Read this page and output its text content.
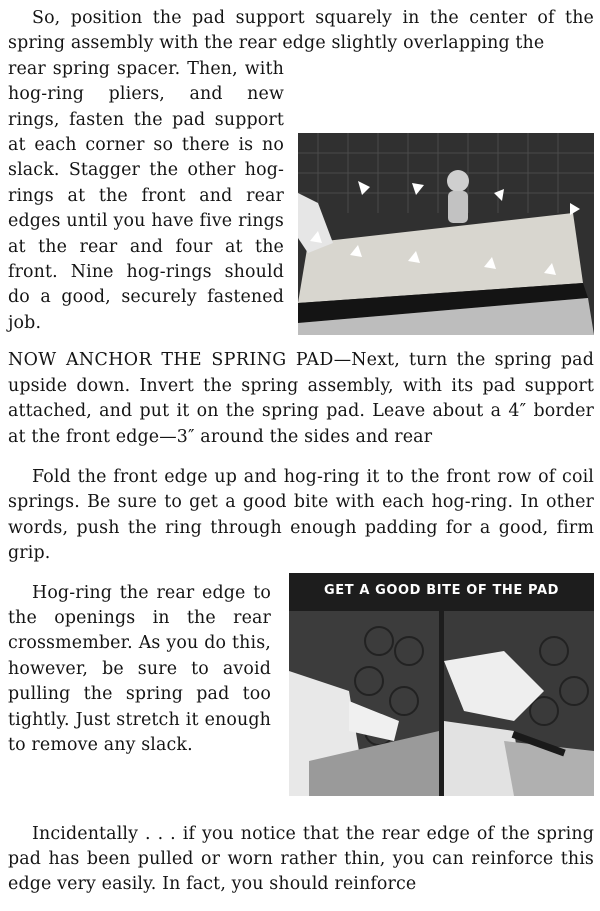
So, position the pad support squarely in the center of the spring assembly with the rear edge slightly overlapping the

rear spring spacer. Then, with hog-ring pliers, and new rings, fasten the pad support at each corner so there is no slack. Stagger the other hog-rings at the front and rear edges until you have five rings at the rear and four at the front. Nine hog-rings should do a good, securely fastened job.

NOW ANCHOR THE SPRING PAD—Next, turn the spring pad upside down. Invert the spring assembly, with its pad support attached, and put it on the spring pad. Leave about a 4″ border at the front edge—3″ around the sides and rear

Fold the front edge up and hog-ring it to the front row of coil springs. Be sure to get a good bite with each hog-ring. In other words, push the ring through enough padding for a good, firm grip.

GET A GOOD BITE OF THE PAD

Hog-ring the rear edge to the openings in the rear crossmember. As you do this, however, be sure to avoid pulling the spring pad too tightly. Just stretch it enough to remove any slack.

Incidentally . . . if you notice that the rear edge of the spring pad has been pulled or worn rather thin, you can reinforce this edge very easily. In fact, you should reinforce
